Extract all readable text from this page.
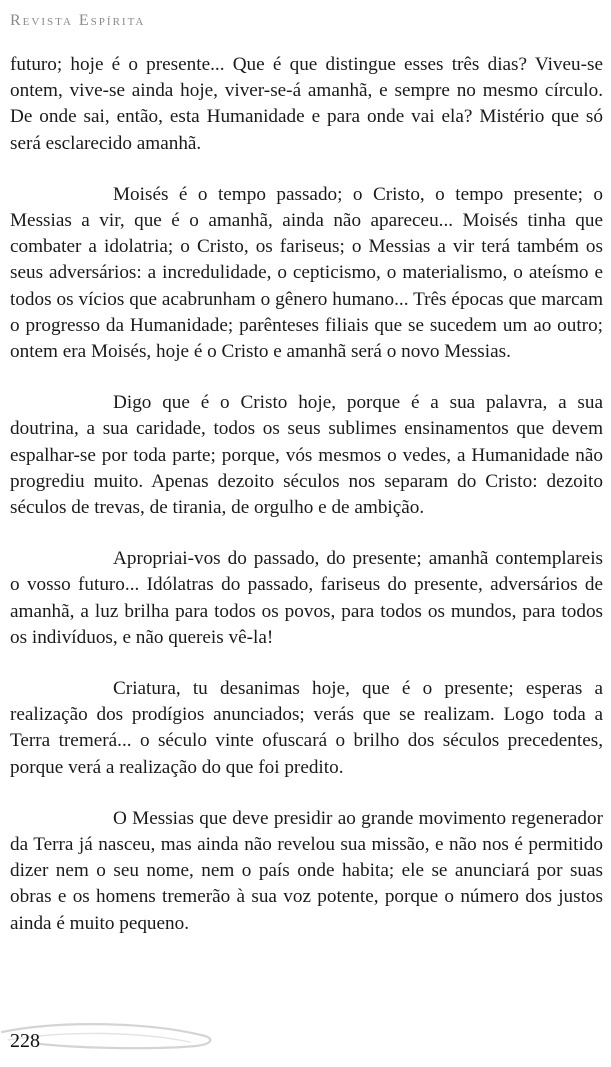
Revista Espírita

futuro; hoje é o presente... Que é que distingue esses três dias? Viveu-se ontem, vive-se ainda hoje, viver-se-á amanhã, e sempre no mesmo círculo. De onde sai, então, esta Humanidade e para onde vai ela? Mistério que só será esclarecido amanhã.

Moisés é o tempo passado; o Cristo, o tempo presente; o Messias a vir, que é o amanhã, ainda não apareceu... Moisés tinha que combater a idolatria; o Cristo, os fariseus; o Messias a vir terá também os seus adversários: a incredulidade, o cepticismo, o materialismo, o ateísmo e todos os vícios que acabrunham o gênero humano... Três épocas que marcam o progresso da Humanidade; parênteses filiais que se sucedem um ao outro; ontem era Moisés, hoje é o Cristo e amanhã será o novo Messias.

Digo que é o Cristo hoje, porque é a sua palavra, a sua doutrina, a sua caridade, todos os seus sublimes ensinamentos que devem espalhar-se por toda parte; porque, vós mesmos o vedes, a Humanidade não progrediu muito. Apenas dezoito séculos nos separam do Cristo: dezoito séculos de trevas, de tirania, de orgulho e de ambição.

Apropriai-vos do passado, do presente; amanhã contemplareis o vosso futuro... Idólatras do passado, fariseus do presente, adversários de amanhã, a luz brilha para todos os povos, para todos os mundos, para todos os indivíduos, e não quereis vê-la!

Criatura, tu desanimas hoje, que é o presente; esperas a realização dos prodígios anunciados; verás que se realizam. Logo toda a Terra tremerá... o século vinte ofuscará o brilho dos séculos precedentes, porque verá a realização do que foi predito.

O Messias que deve presidir ao grande movimento regenerador da Terra já nasceu, mas ainda não revelou sua missão, e não nos é permitido dizer nem o seu nome, nem o país onde habita; ele se anunciará por suas obras e os homens tremerão à sua voz potente, porque o número dos justos ainda é muito pequeno.

228
